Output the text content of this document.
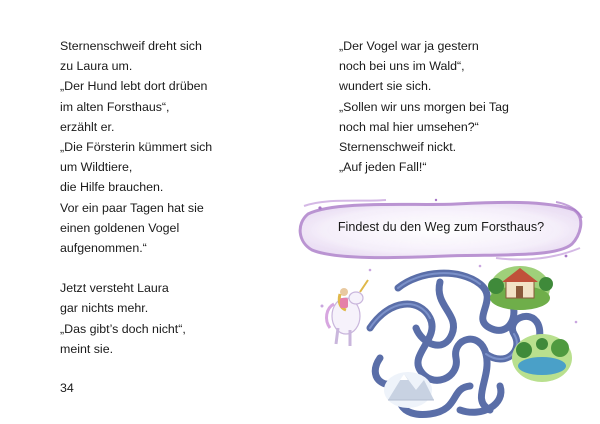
Sternenschweif dreht sich
zu Laura um.
„Der Hund lebt dort drüben
im alten Forsthaus“,
erzählt er.
„Die Försterin kümmert sich
um Wildtiere,
die Hilfe brauchen.
Vor ein paar Tagen hat sie
einen goldenen Vogel
aufgenommen.“
Jetzt versteht Laura
gar nichts mehr.
„Das gibt’s doch nicht“,
meint sie.
34
„Der Vogel war ja gestern
noch bei uns im Wald“,
wundert sie sich.
„Sollen wir uns morgen bei Tag
noch mal hier umsehen?“
Sternenschweif nickt.
„Auf jeden Fall!“
Findest du den Weg zum Forsthaus?
